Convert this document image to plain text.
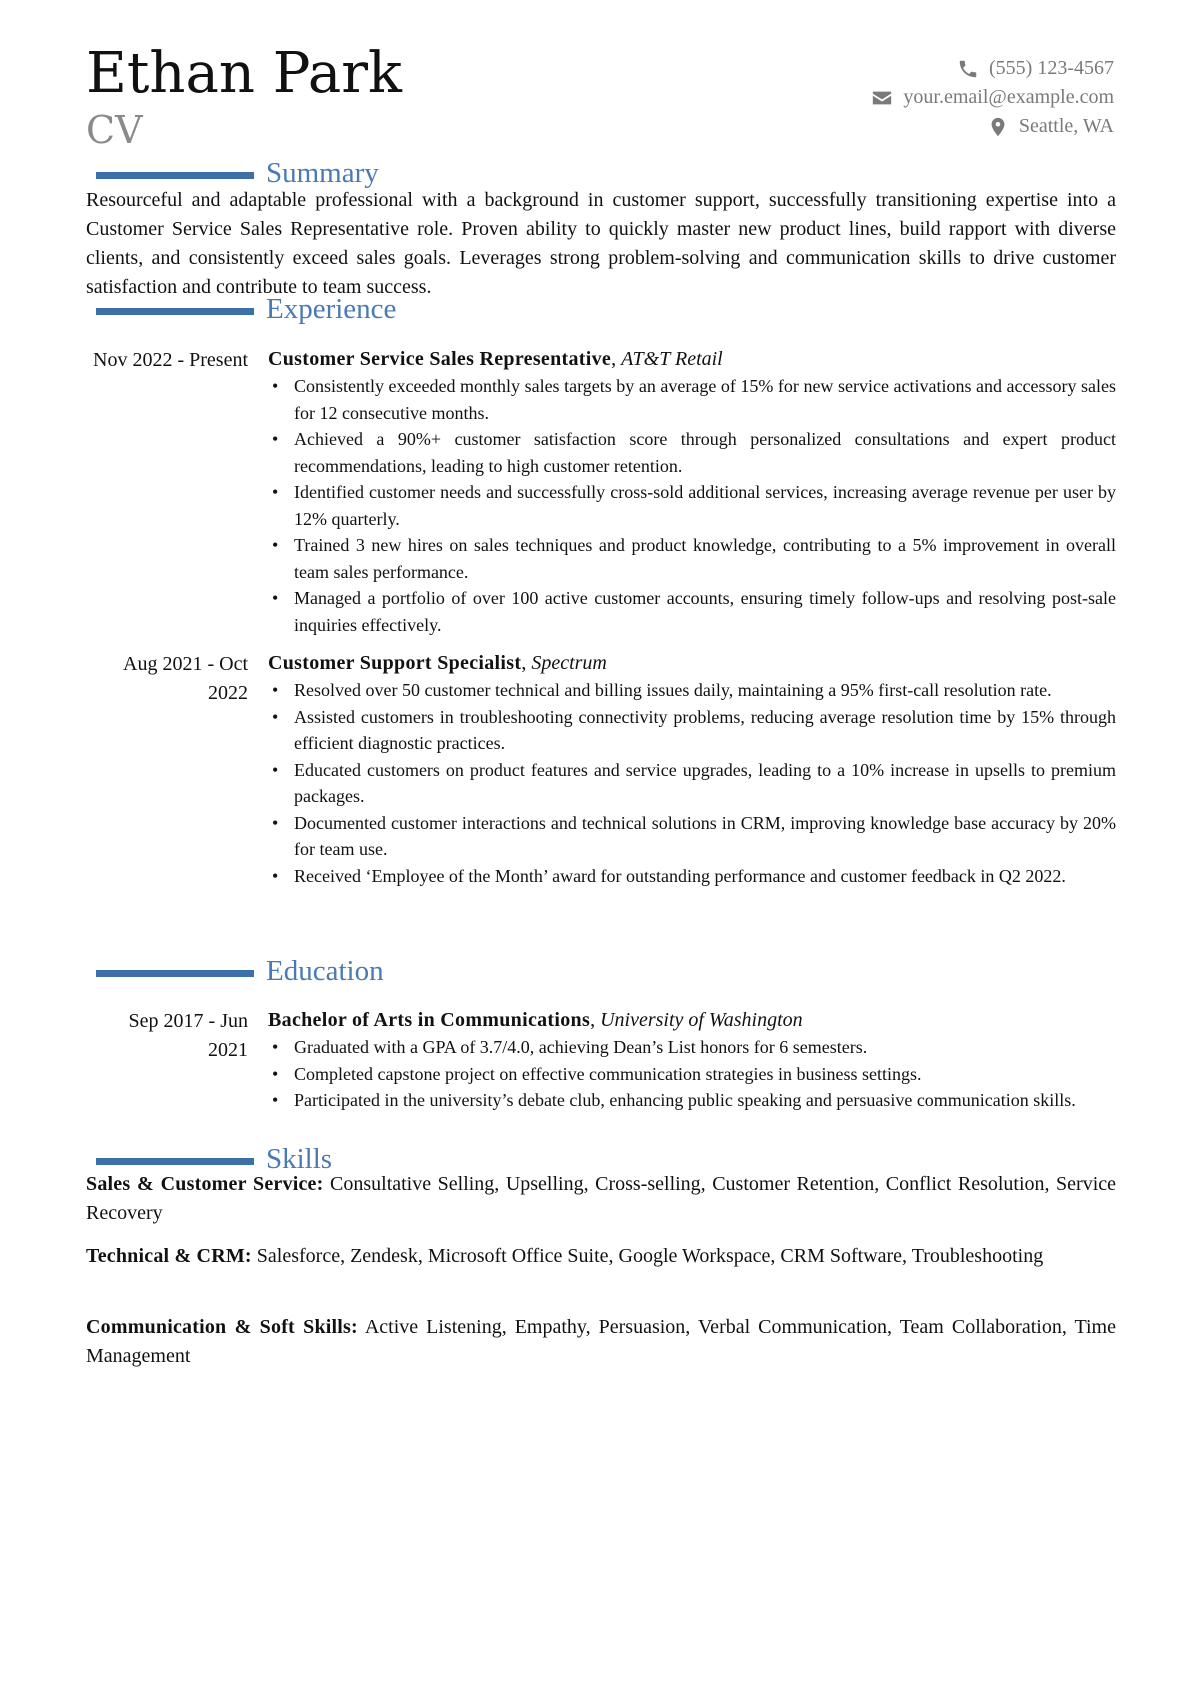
Ethan Park
CV
(555) 123-4567
your.email@example.com
Seattle, WA
Summary
Resourceful and adaptable professional with a background in customer support, successfully transitioning expertise into a Customer Service Sales Representative role. Proven ability to quickly master new product lines, build rapport with diverse clients, and consistently exceed sales goals. Leverages strong problem-solving and communication skills to drive customer satisfaction and contribute to team success.
Experience
Nov 2022 - Present Customer Service Sales Representative, AT&T Retail
• Consistently exceeded monthly sales targets by an average of 15% for new service activations and accessory sales for 12 consecutive months.
• Achieved a 90%+ customer satisfaction score through personalized consultations and expert product recommendations, leading to high customer retention.
• Identified customer needs and successfully cross-sold additional services, increasing average revenue per user by 12% quarterly.
• Trained 3 new hires on sales techniques and product knowledge, contributing to a 5% improvement in overall team sales performance.
• Managed a portfolio of over 100 active customer accounts, ensuring timely follow-ups and resolving post-sale inquiries effectively.
Aug 2021 - Oct 2022
Customer Support Specialist, Spectrum
• Resolved over 50 customer technical and billing issues daily, maintaining a 95% first-call resolution rate.
• Assisted customers in troubleshooting connectivity problems, reducing average resolution time by 15% through efficient diagnostic practices.
• Educated customers on product features and service upgrades, leading to a 10% increase in upsells to premium packages.
• Documented customer interactions and technical solutions in CRM, improving knowledge base accuracy by 20% for team use.
• Received ‘Employee of the Month’ award for outstanding performance and customer feedback in Q2 2022.
Education
Sep 2017 - Jun 2021
Bachelor of Arts in Communications, University of Washington
• Graduated with a GPA of 3.7/4.0, achieving Dean’s List honors for 6 semesters.
• Completed capstone project on effective communication strategies in business settings.
• Participated in the university’s debate club, enhancing public speaking and persuasive communication skills.
Skills
Sales & Customer Service: Consultative Selling, Upselling, Cross-selling, Customer Retention, Conflict Resolution, Service Recovery
Technical & CRM: Salesforce, Zendesk, Microsoft Office Suite, Google Workspace, CRM Software, Troubleshooting
Communication & Soft Skills: Active Listening, Empathy, Persuasion, Verbal Communication, Team Collaboration, Time Management
